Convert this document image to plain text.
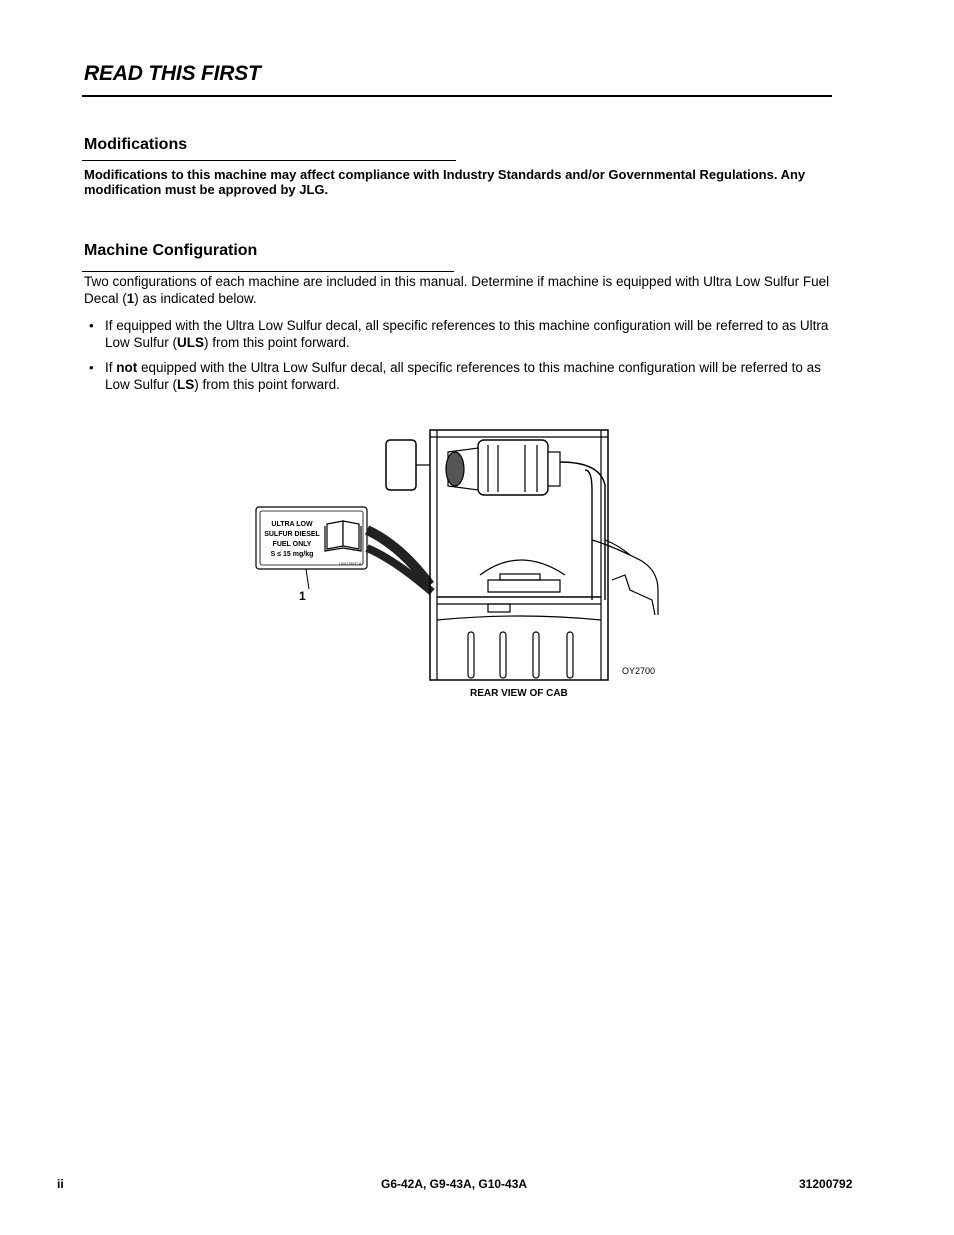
READ THIS FIRST
Modifications
Modifications to this machine may affect compliance with Industry Standards and/or Governmental Regulations. Any modification must be approved by JLG.
Machine Configuration
Two configurations of each machine are included in this manual. Determine if machine is equipped with Ultra Low Sulfur Fuel Decal (1) as indicated below.
• If equipped with the Ultra Low Sulfur decal, all specific references to this machine configuration will be referred to as Ultra Low Sulfur (ULS) from this point forward.
• If not equipped with the Ultra Low Sulfur decal, all specific references to this machine configuration will be referred to as Low Sulfur (LS) from this point forward.
ULTRA LOW
SULFUR DIESEL
FUEL ONLY
S ≤ 15 mg/kg
1001125097 A
1
OY2700
REAR VIEW OF CAB
ii	G6-42A, G9-43A, G10-43A	31200792
